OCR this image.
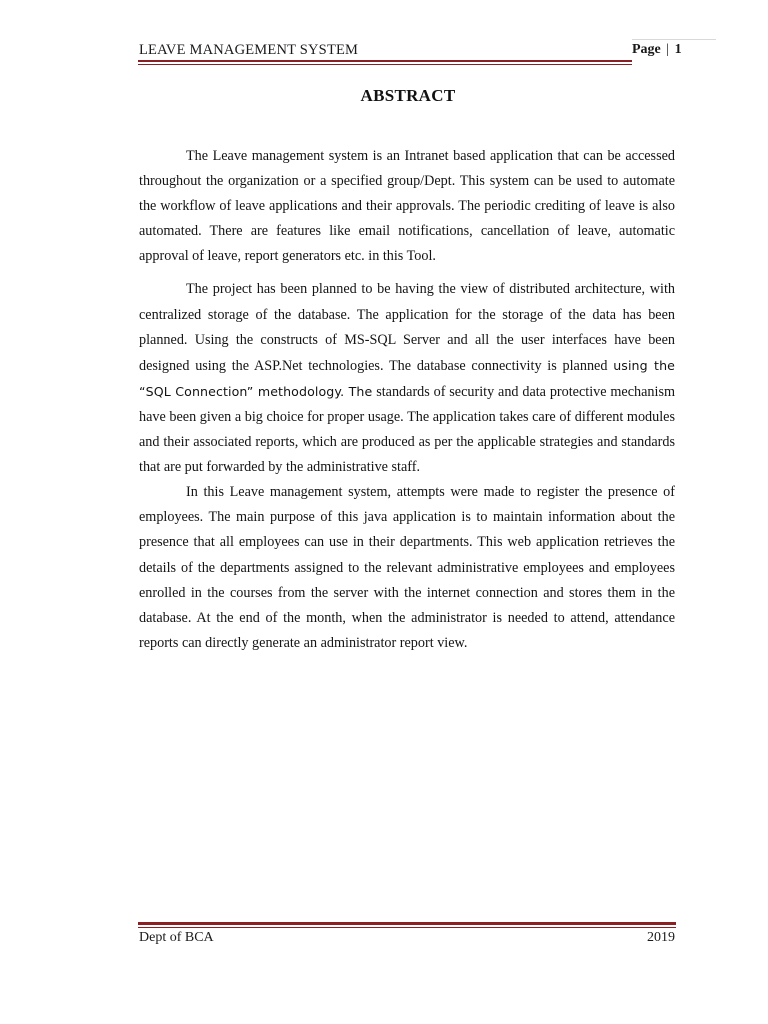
LEAVE MANAGEMENT SYSTEM	Page | 1
ABSTRACT

The Leave management system is an Intranet based application that can be accessed throughout the organization or a specified group/Dept. This system can be used to automate the workflow of leave applications and their approvals. The periodic crediting of leave is also automated. There are features like email notifications, cancellation of leave, automatic approval of leave, report generators etc. in this Tool.

The project has been planned to be having the view of distributed architecture, with centralized storage of the database. The application for the storage of the data has been planned. Using the constructs of MS-SQL Server and all the user interfaces have been designed using the ASP.Net technologies. The database connectivity is planned using the “SQL Connection” methodology. The standards of security and data protective mechanism have been given a big choice for proper usage. The application takes care of different modules and their associated reports, which are produced as per the applicable strategies and standards that are put forwarded by the administrative staff.

In this Leave management system, attempts were made to register the presence of employees. The main purpose of this java application is to maintain information about the presence that all employees can use in their departments. This web application retrieves the details of the departments assigned to the relevant administrative employees and employees enrolled in the courses from the server with the internet connection and stores them in the database. At the end of the month, when the administrator is needed to attend, attendance reports can directly generate an administrator report view.

Dept of BCA	2019
